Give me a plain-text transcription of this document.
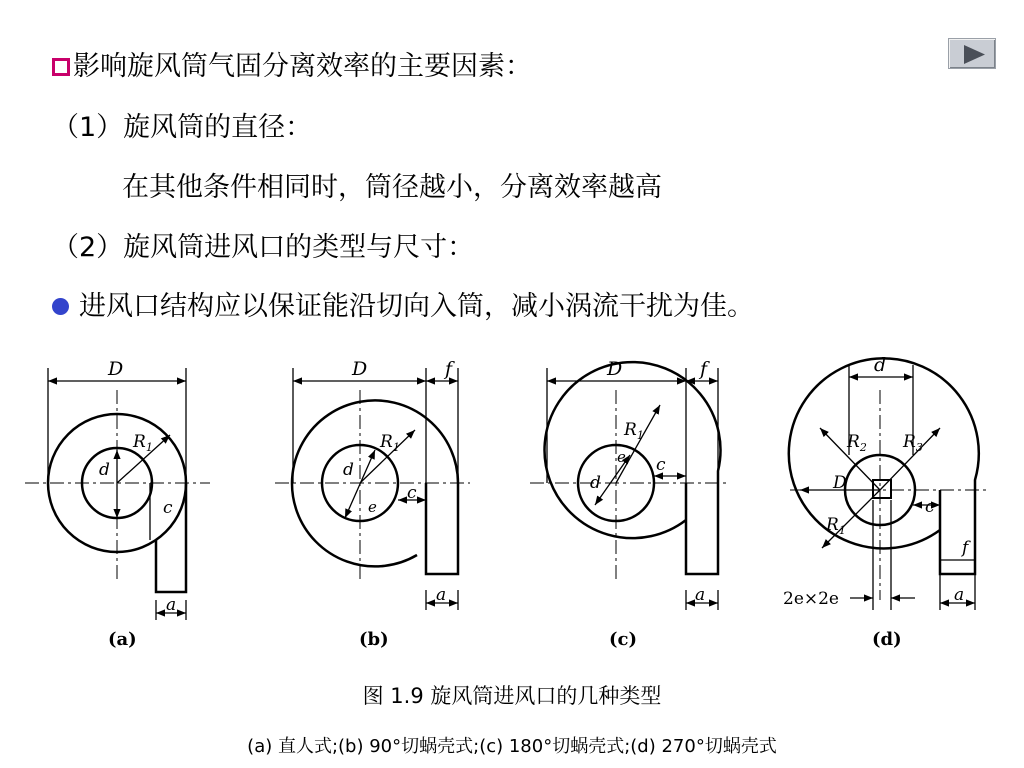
影响旋风筒气固分离效率的主要因素：
（1）旋风筒的直径：
在其他条件相同时，筒径越小，分离效率越高
（2）旋风筒进风口的类型与尺寸：
进风口结构应以保证能沿切向入筒，减小涡流干扰为佳。
D
$R_1$
d
c
a
D	f
$R_1$
d
e
c
a
D	f
$R_1$
d
e c
a
d
$R_2$ $R_3$
D
c
$R_1$
f
a
2e×2e
(a)	(b)	(c)	(d)
图 1.9 旋风筒进风口的几种类型
(a) 直人式;(b) 90°切蜗壳式;(c) 180°切蜗壳式;(d) 270°切蜗壳式
